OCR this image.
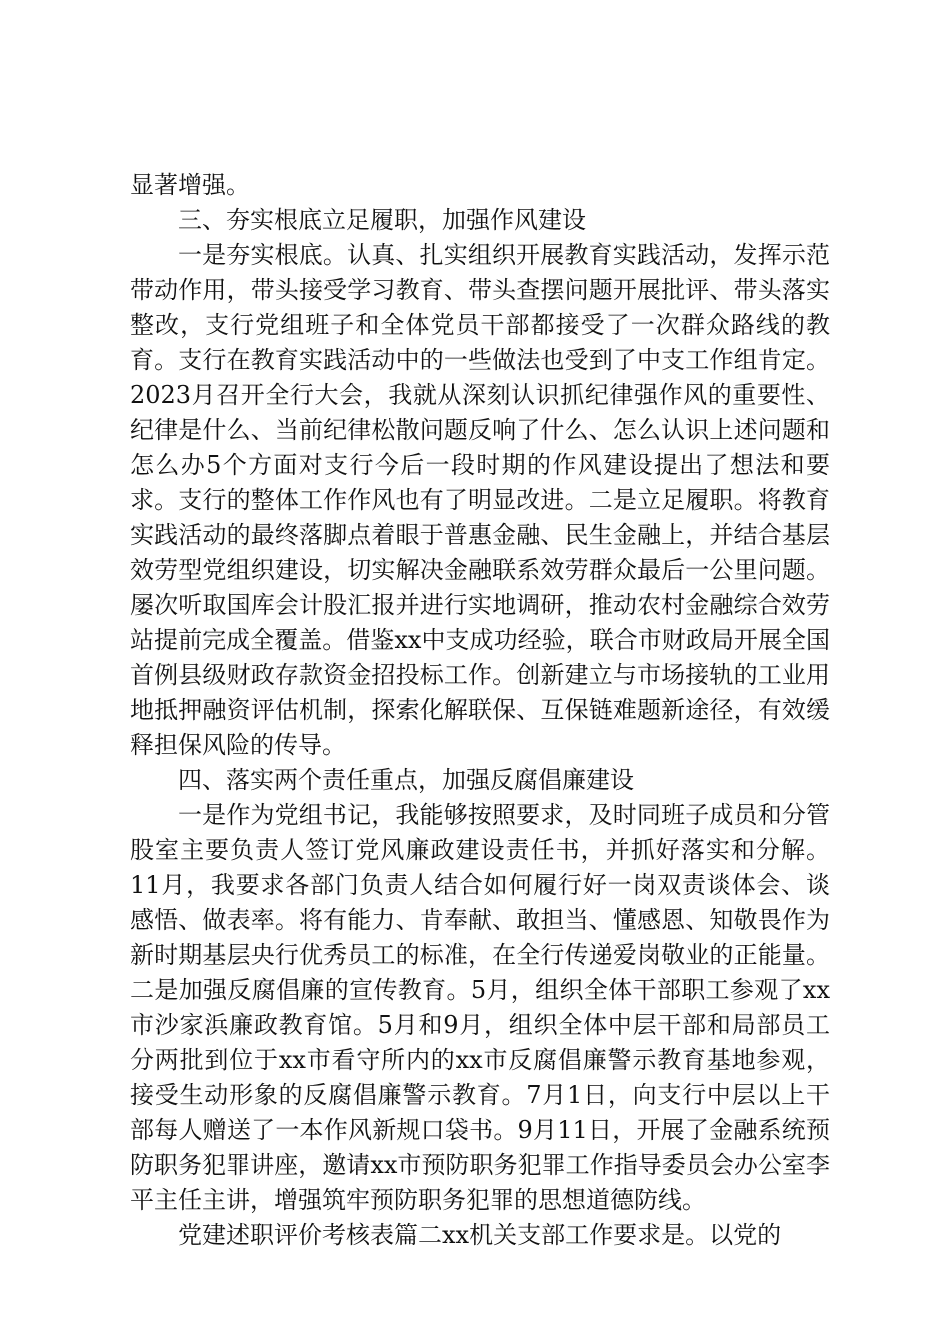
显著增强。

三、夯实根底立足履职，加强作风建设

一是夯实根底。认真、扎实组织开展教育实践活动，发挥示范带动作用，带头接受学习教育、带头查摆问题开展批评、带头落实整改，支行党组班子和全体党员干部都接受了一次群众路线的教育。支行在教育实践活动中的一些做法也受到了中支工作组肯定。2023月召开全行大会，我就从深刻认识抓纪律强作风的重要性、纪律是什么、当前纪律松散问题反响了什么、怎么认识上述问题和怎么办5个方面对支行今后一段时期的作风建设提出了想法和要求。支行的整体工作作风也有了明显改进。二是立足履职。将教育实践活动的最终落脚点着眼于普惠金融、民生金融上，并结合基层效劳型党组织建设，切实解决金融联系效劳群众最后一公里问题。屡次听取国库会计股汇报并进行实地调研，推动农村金融综合效劳站提前完成全覆盖。借鉴xx中支成功经验，联合市财政局开展全国首例县级财政存款资金招投标工作。创新建立与市场接轨的工业用地抵押融资评估机制，探索化解联保、互保链难题新途径，有效缓释担保风险的传导。

四、落实两个责任重点，加强反腐倡廉建设

一是作为党组书记，我能够按照要求，及时同班子成员和分管股室主要负责人签订党风廉政建设责任书，并抓好落实和分解。11月，我要求各部门负责人结合如何履行好一岗双责谈体会、谈感悟、做表率。将有能力、肯奉献、敢担当、懂感恩、知敬畏作为新时期基层央行优秀员工的标准，在全行传递爱岗敬业的正能量。二是加强反腐倡廉的宣传教育。5月，组织全体干部职工参观了xx市沙家浜廉政教育馆。5月和9月，组织全体中层干部和局部员工分两批到位于xx市看守所内的xx市反腐倡廉警示教育基地参观，接受生动形象的反腐倡廉警示教育。7月1日，向支行中层以上干部每人赠送了一本作风新规口袋书。9月11日，开展了金融系统预防职务犯罪讲座，邀请xx市预防职务犯罪工作指导委员会办公室李平主任主讲，增强筑牢预防职务犯罪的思想道德防线。

党建述职评价考核表篇二xx机关支部工作要求是。以党的
